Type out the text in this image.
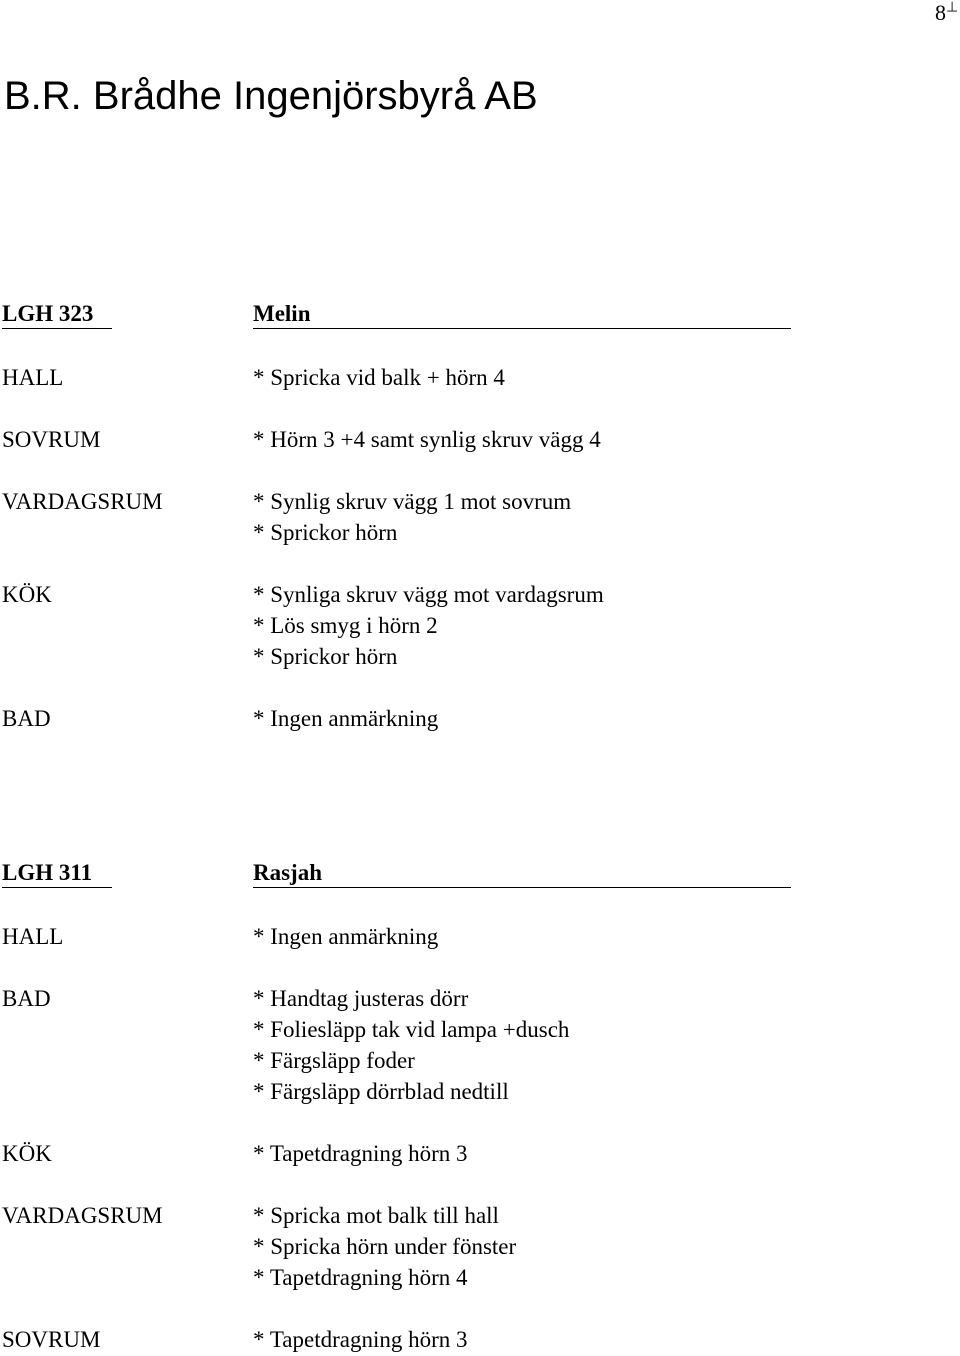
8⊥
B.R. Brådhe Ingenjörsbyrå AB
LGH 323	Melin
HALL	* Spricka vid balk + hörn 4
SOVRUM	* Hörn 3 +4 samt synlig skruv vägg 4
VARDAGSRUM	* Synlig skruv vägg 1 mot sovrum
* Sprickor hörn
KÖK	* Synliga skruv vägg mot vardagsrum
* Lös smyg i hörn 2
* Sprickor hörn
BAD	* Ingen anmärkning
LGH 311	Rasjah
HALL	* Ingen anmärkning
BAD	* Handtag justeras dörr
* Foliesläpp tak vid lampa +dusch
* Färgsläpp foder
* Färgsläpp dörrblad nedtill
KÖK	* Tapetdragning hörn 3
VARDAGSRUM	* Spricka mot balk till hall
* Spricka hörn under fönster
* Tapetdragning hörn 4
SOVRUM	* Tapetdragning hörn 3
